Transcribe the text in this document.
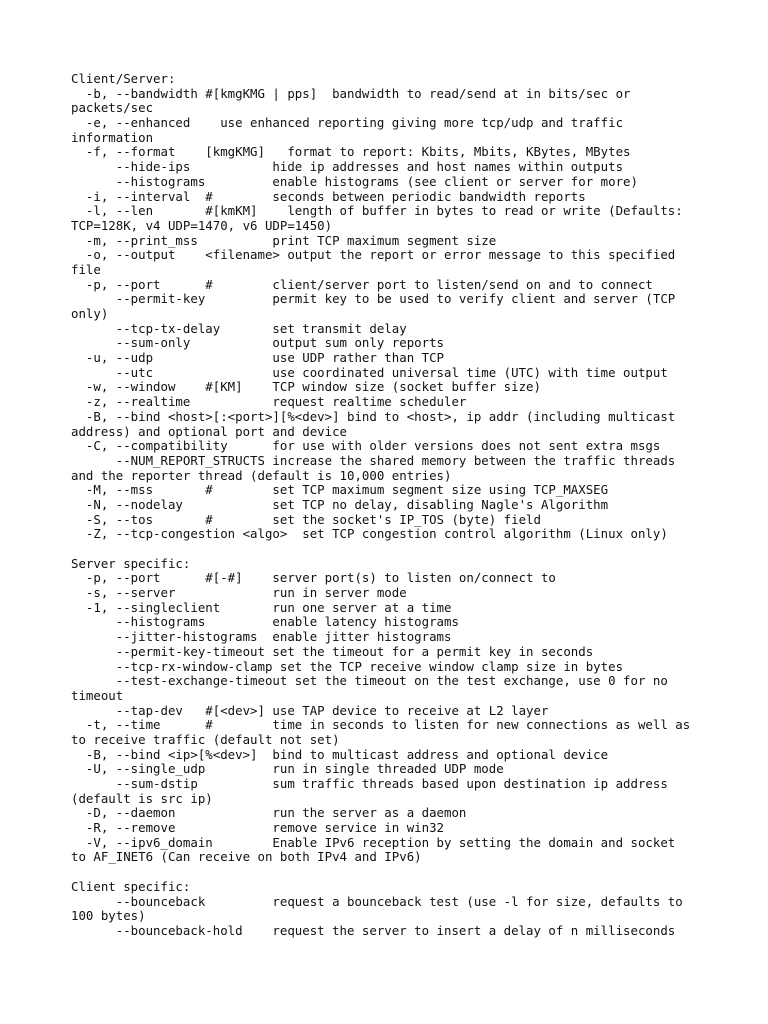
Client/Server:
-b, --bandwidth #[kmgKMG | pps]  bandwidth to read/send at in bits/sec or
packets/sec
-e, --enhanced    use enhanced reporting giving more tcp/udp and traffic
information
-f, --format    [kmgKMG]   format to report: Kbits, Mbits, KBytes, MBytes
--hide-ips           hide ip addresses and host names within outputs
--histograms         enable histograms (see client or server for more)
-i, --interval  #        seconds between periodic bandwidth reports
-l, --len       #[kmKM]    length of buffer in bytes to read or write (Defaults:
TCP=128K, v4 UDP=1470, v6 UDP=1450)
-m, --print_mss          print TCP maximum segment size
-o, --output    <filename> output the report or error message to this specified
file
-p, --port      #        client/server port to listen/send on and to connect
--permit-key         permit key to be used to verify client and server (TCP
only)
--tcp-tx-delay       set transmit delay
--sum-only           output sum only reports
-u, --udp                use UDP rather than TCP
--utc                use coordinated universal time (UTC) with time output
-w, --window    #[KM]    TCP window size (socket buffer size)
-z, --realtime           request realtime scheduler
-B, --bind <host>[:<port>][%<dev>] bind to <host>, ip addr (including multicast
address) and optional port and device
-C, --compatibility      for use with older versions does not sent extra msgs
--NUM_REPORT_STRUCTS increase the shared memory between the traffic threads
and the reporter thread (default is 10,000 entries)
-M, --mss       #        set TCP maximum segment size using TCP_MAXSEG
-N, --nodelay            set TCP no delay, disabling Nagle's Algorithm
-S, --tos       #        set the socket's IP_TOS (byte) field
-Z, --tcp-congestion <algo>  set TCP congestion control algorithm (Linux only)
Server specific:
-p, --port      #[-#]    server port(s) to listen on/connect to
-s, --server             run in server mode
-1, --singleclient       run one server at a time
--histograms         enable latency histograms
--jitter-histograms  enable jitter histograms
--permit-key-timeout set the timeout for a permit key in seconds
--tcp-rx-window-clamp set the TCP receive window clamp size in bytes
--test-exchange-timeout set the timeout on the test exchange, use 0 for no
timeout
--tap-dev   #[<dev>] use TAP device to receive at L2 layer
-t, --time      #        time in seconds to listen for new connections as well as
to receive traffic (default not set)
-B, --bind <ip>[%<dev>]  bind to multicast address and optional device
-U, --single_udp         run in single threaded UDP mode
--sum-dstip          sum traffic threads based upon destination ip address
(default is src ip)
-D, --daemon             run the server as a daemon
-R, --remove             remove service in win32
-V, --ipv6_domain        Enable IPv6 reception by setting the domain and socket
to AF_INET6 (Can receive on both IPv4 and IPv6)
Client specific:
--bounceback         request a bounceback test (use -l for size, defaults to
100 bytes)
--bounceback-hold    request the server to insert a delay of n milliseconds
